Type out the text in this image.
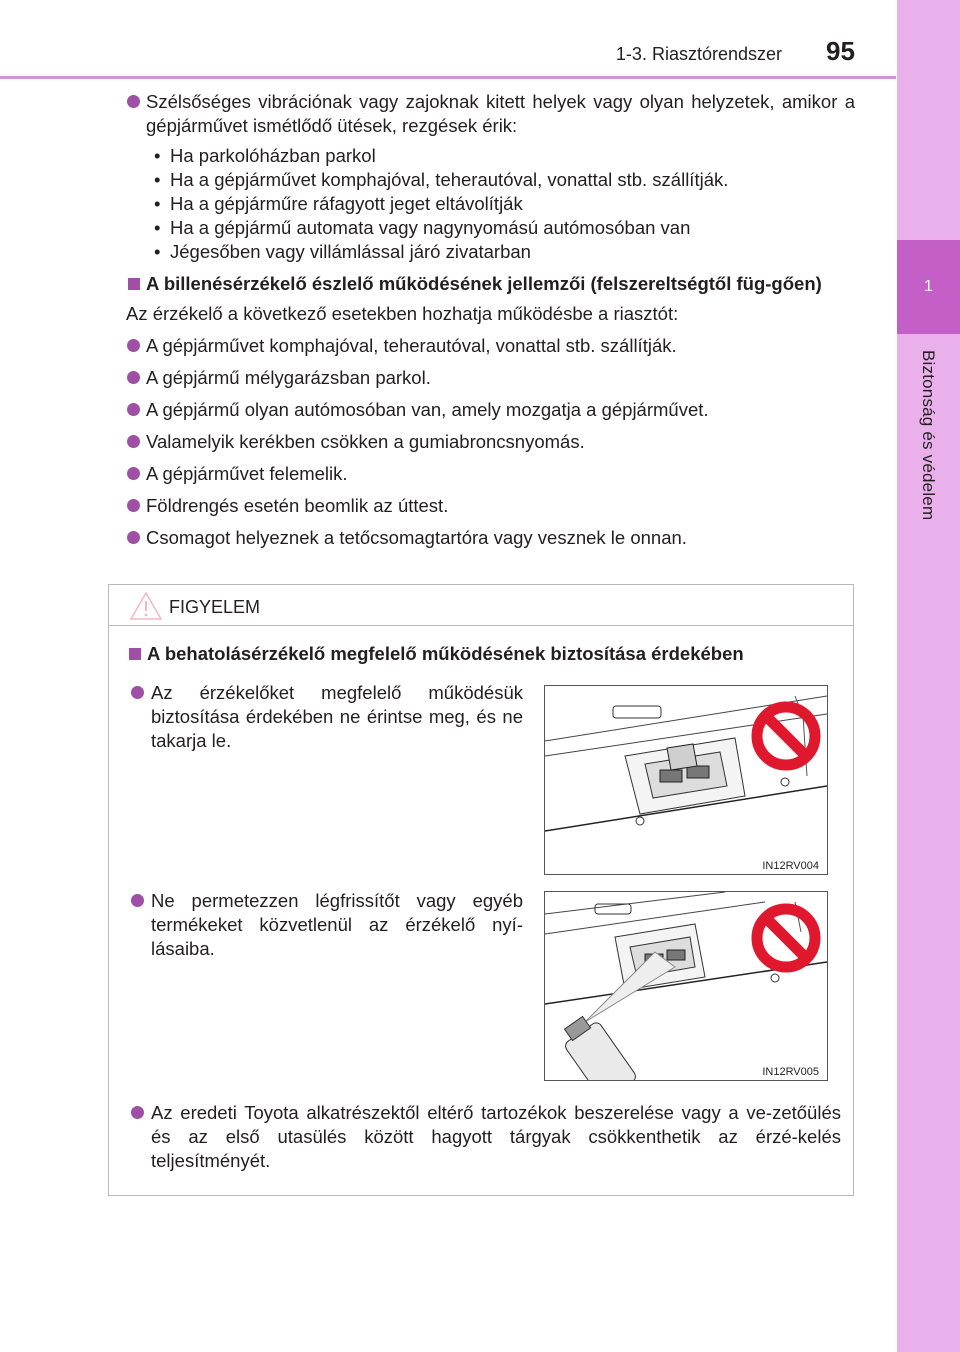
1-3. Riasztórendszer 95
1
Biztonság és védelem
Szélsőséges vibrációnak vagy zajoknak kitett helyek vagy olyan helyzetek, amikor a gépjárművet ismétlődő ütések, rezgések érik:
• Ha parkolóházban parkol
• Ha a gépjárművet komphajóval, teherautóval, vonattal stb. szállítják.
• Ha a gépjárműre ráfagyott jeget eltávolítják
• Ha a gépjármű automata vagy nagynyomású autómosóban van
• Jégesőben vagy villámlással járó zivatarban
A billenésérzékelő észlelő működésének jellemzői (felszereltségtől füg-gően)
Az érzékelő a következő esetekben hozhatja működésbe a riasztót:
A gépjárművet komphajóval, teherautóval, vonattal stb. szállítják.
A gépjármű mélygarázsban parkol.
A gépjármű olyan autómosóban van, amely mozgatja a gépjárművet.
Valamelyik kerékben csökken a gumiabroncsnyomás.
A gépjárművet felemelik.
Földrengés esetén beomlik az úttest.
Csomagot helyeznek a tetőcsomagtartóra vagy vesznek le onnan.
FIGYELEM
A behatolásérzékelő megfelelő működésének biztosítása érdekében
Az érzékelőket megfelelő működésük biztosítása érdekében ne érintse meg, és ne takarja le.
IN12RV004
Ne permetezzen légfrissítőt vagy egyéb termékeket közvetlenül az érzékelő nyí-lásaiba.
IN12RV005
Az eredeti Toyota alkatrészektől eltérő tartozékok beszerelése vagy a ve-zetőülés és az első utasülés között hagyott tárgyak csökkenthetik az érzé-kelés teljesítményét.
